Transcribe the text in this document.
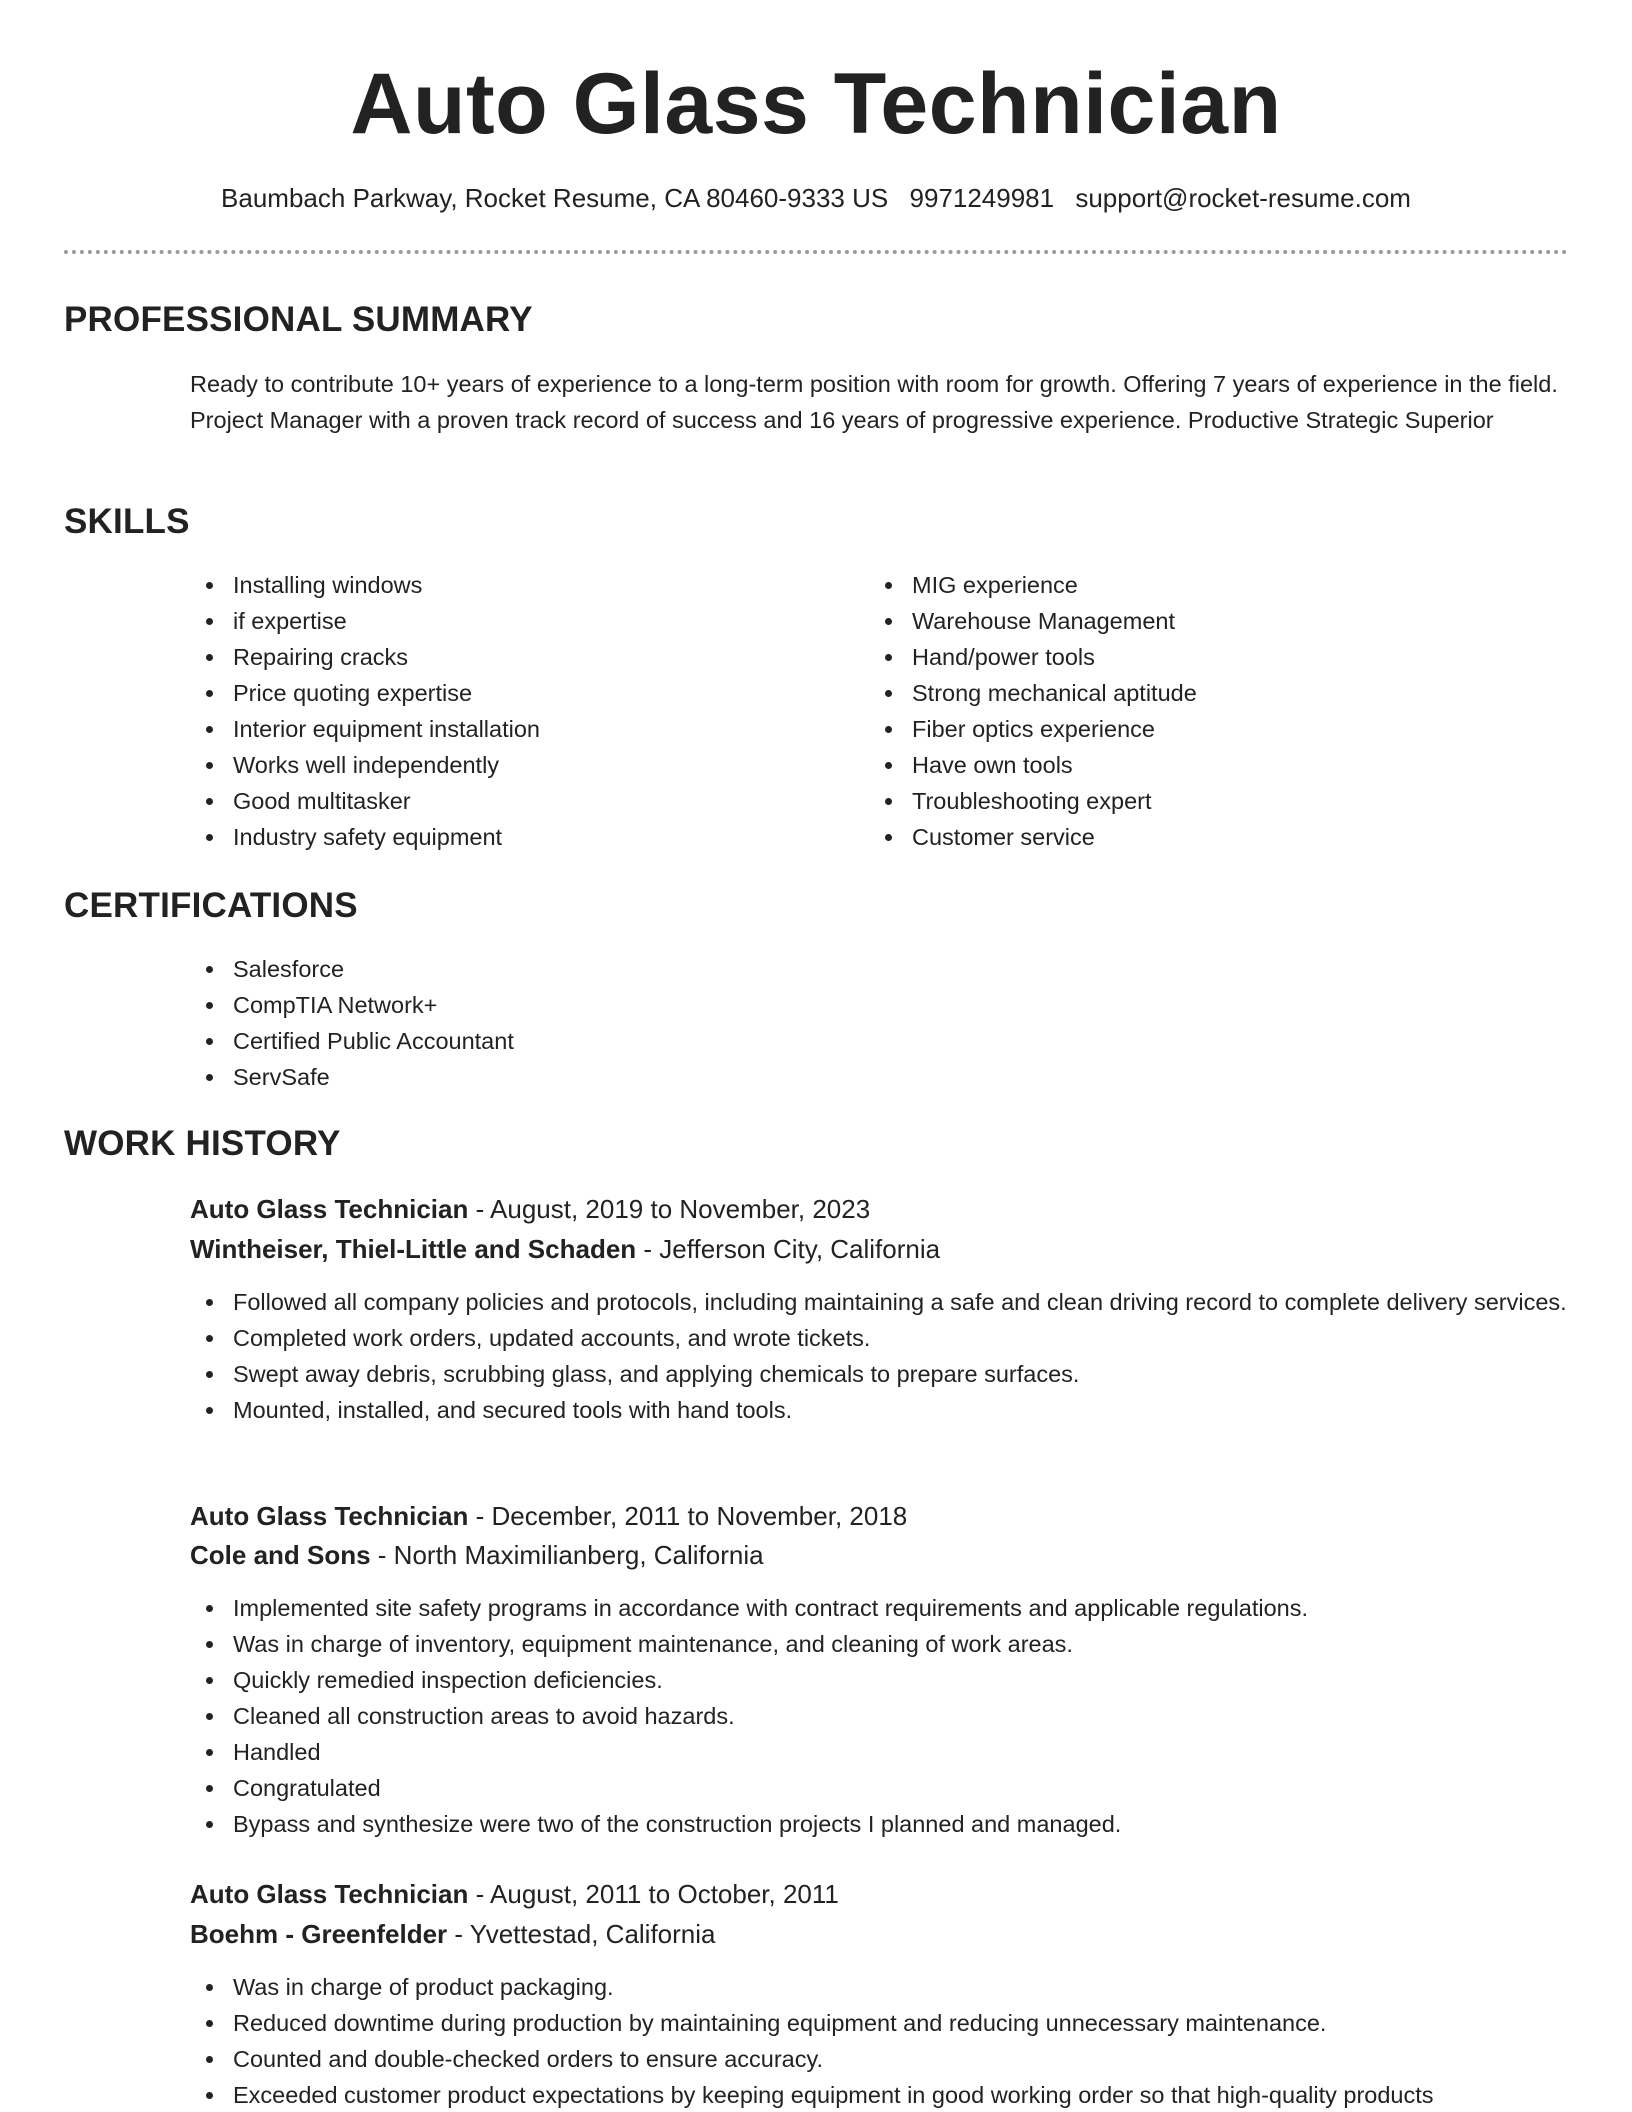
Auto Glass Technician
Baumbach Parkway, Rocket Resume, CA 80460-9333 US 9971249981 support@rocket-resume.com
PROFESSIONAL SUMMARY

Ready to contribute 10+ years of experience to a long-term position with room for growth. Offering 7 years of experience in the field. Project Manager with a proven track record of success and 16 years of progressive experience. Productive Strategic Superior

SKILLS
Installing windows
if expertise
Repairing cracks
Price quoting expertise
Interior equipment installation
Works well independently
Good multitasker
Industry safety equipment
MIG experience
Warehouse Management
Hand/power tools
Strong mechanical aptitude
Fiber optics experience
Have own tools
Troubleshooting expert
Customer service
CERTIFICATIONS
Salesforce
CompTIA Network+
Certified Public Accountant
ServSafe
WORK HISTORY
Auto Glass Technician - August, 2019 to November, 2023
Wintheiser, Thiel-Little and Schaden - Jefferson City, California
Followed all company policies and protocols, including maintaining a safe and clean driving record to complete delivery services.
Completed work orders, updated accounts, and wrote tickets.
Swept away debris, scrubbing glass, and applying chemicals to prepare surfaces.
Mounted, installed, and secured tools with hand tools.
Auto Glass Technician - December, 2011 to November, 2018
Cole and Sons - North Maximilianberg, California
Implemented site safety programs in accordance with contract requirements and applicable regulations.
Was in charge of inventory, equipment maintenance, and cleaning of work areas.
Quickly remedied inspection deficiencies.
Cleaned all construction areas to avoid hazards.
Handled
Congratulated
Bypass and synthesize were two of the construction projects I planned and managed.
Auto Glass Technician - August, 2011 to October, 2011
Boehm - Greenfelder - Yvettestad, California
Was in charge of product packaging.
Reduced downtime during production by maintaining equipment and reducing unnecessary maintenance.
Counted and double-checked orders to ensure accuracy.
Exceeded customer product expectations by keeping equipment in good working order so that high-quality products
